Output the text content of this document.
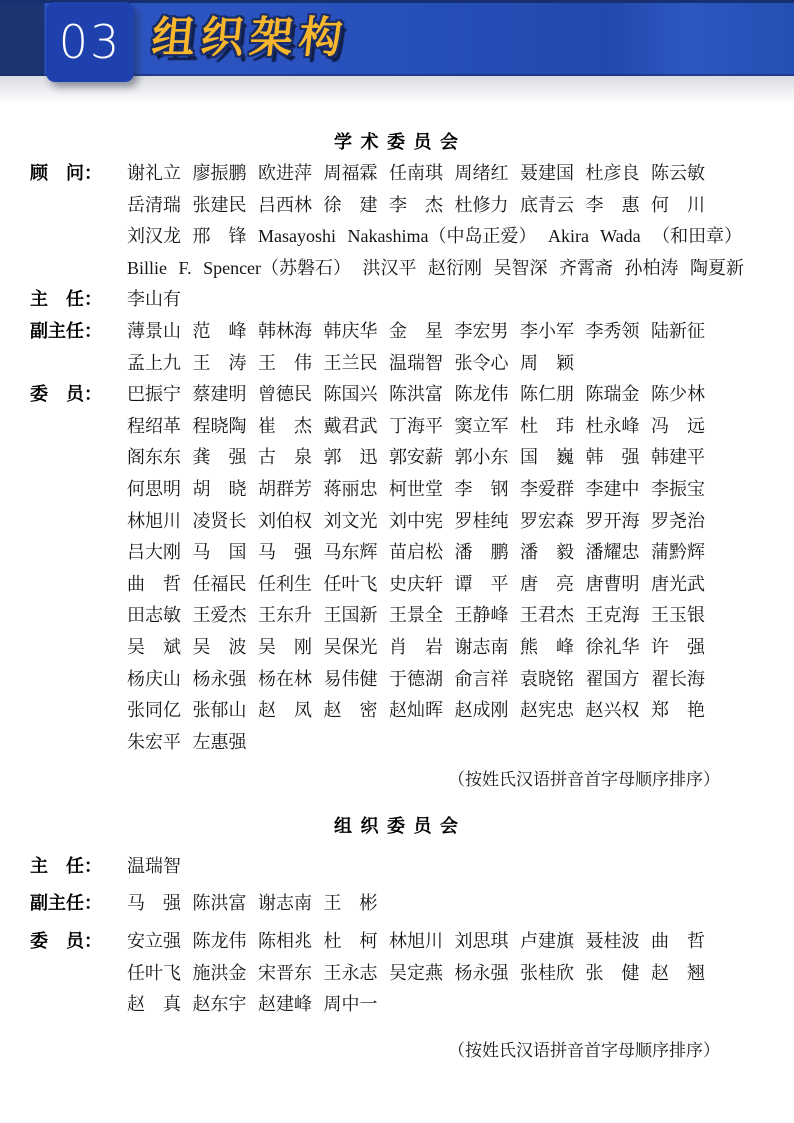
03 组织架构
学 术 委 员 会
顾　问：	谢礼立 廖振鹏 欧进萍 周福霖 任南琪 周绪红 聂建国 杜彦良 陈云敏
岳清瑞 张建民 吕西林 徐　建 李　杰 杜修力 底青云 李　惠 何　川
刘汉龙 邢　锋 Masayoshi Nakashima（中岛正爱） Akira Wada （和田章）
Billie F. Spencer（苏磐石） 洪汉平 赵衍刚 吴智深 齐霄斋 孙柏涛 陶夏新
主　任：	李山有
副主任：	薄景山 范　峰 韩林海 韩庆华 金　星 李宏男 李小军 李秀领 陆新征
孟上九 王　涛 王　伟 王兰民 温瑞智 张令心 周　颖
委　员：	巴振宁 蔡建明 曾德民 陈国兴 陈洪富 陈龙伟 陈仁朋 陈瑞金 陈少林
程绍革 程晓陶 崔　杰 戴君武 丁海平 窦立军 杜　玮 杜永峰 冯　远
阁东东 龚　强 古　泉 郭　迅 郭安薪 郭小东 国　巍 韩　强 韩建平
何思明 胡　晓 胡群芳 蒋丽忠 柯世堂 李　钢 李爱群 李建中 李振宝
林旭川 凌贤长 刘伯权 刘文光 刘中宪 罗桂纯 罗宏森 罗开海 罗尧治
吕大刚 马　国 马　强 马东辉 苗启松 潘　鹏 潘　毅 潘耀忠 蒲黔辉
曲　哲 任福民 任利生 任叶飞 史庆轩 谭　平 唐　亮 唐曹明 唐光武
田志敏 王爱杰 王东升 王国新 王景全 王静峰 王君杰 王克海 王玉银
吴　斌 吴　波 吴　刚 吴保光 肖　岩 谢志南 熊　峰 徐礼华 许　强
杨庆山 杨永强 杨在林 易伟健 于德湖 俞言祥 袁晓铭 翟国方 翟长海
张同亿 张郁山 赵　凤 赵　密 赵灿晖 赵成刚 赵宪忠 赵兴权 郑　艳
朱宏平 左惠强
（按姓氏汉语拼音首字母顺序排序）
组 织 委 员 会
主　任：	温瑞智
副主任：	马　强 陈洪富 谢志南 王　彬
委　员：	安立强 陈龙伟 陈相兆 杜　柯 林旭川 刘思琪 卢建旗 聂桂波 曲　哲
任叶飞 施洪金 宋晋东 王永志 吴定燕 杨永强 张桂欣 张　健 赵　翘
赵　真 赵东宇 赵建峰 周中一
（按姓氏汉语拼音首字母顺序排序）
